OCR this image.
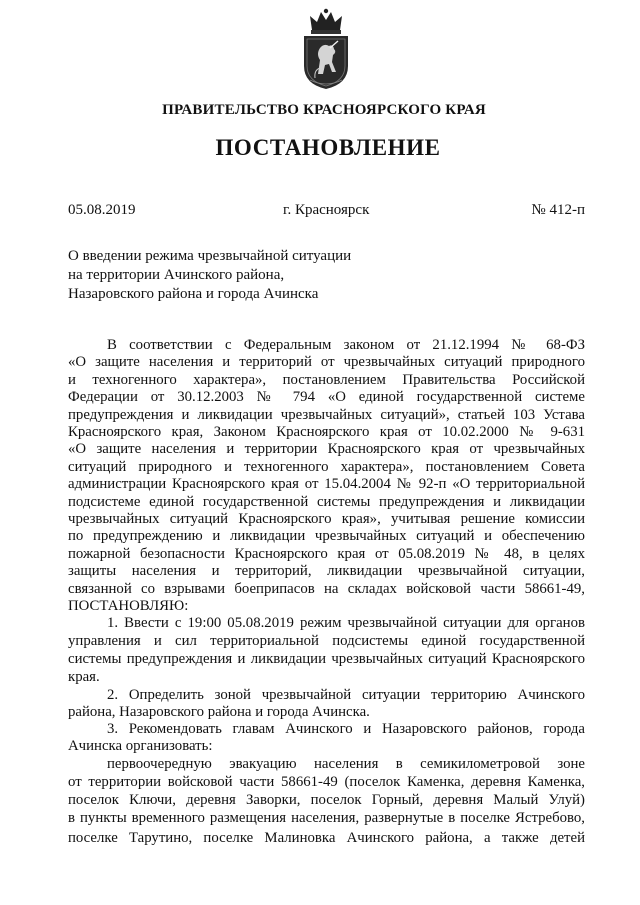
ПРАВИТЕЛЬСТВО КРАСНОЯРСКОГО КРАЯ
ПОСТАНОВЛЕНИЕ
05.08.2019	г. Красноярск	№ 412-п
О введении режима чрезвычайной ситуации
на территории Ачинского района,
Назаровского района и города Ачинска
В соответствии с Федеральным законом от 21.12.1994 № 68-ФЗ
«О защите населения и территорий от чрезвычайных ситуаций природного
и техногенного характера», постановлением Правительства Российской
Федерации от 30.12.2003 № 794 «О единой государственной системе
предупреждения и ликвидации чрезвычайных ситуаций», статьей 103 Устава
Красноярского края, Законом Красноярского края от 10.02.2000 № 9-631
«О защите населения и территории Красноярского края от чрезвычайных
ситуаций природного и техногенного характера», постановлением Совета
администрации Красноярского края от 15.04.2004 № 92-п «О территориальной
подсистеме единой государственной системы предупреждения и ликвидации
чрезвычайных ситуаций Красноярского края», учитывая решение комиссии
по предупреждению и ликвидации чрезвычайных ситуаций и обеспечению
пожарной безопасности Красноярского края от 05.08.2019 № 48, в целях
защиты населения и территорий, ликвидации чрезвычайной ситуации,
связанной со взрывами боеприпасов на складах войсковой части 58661-49,
ПОСТАНОВЛЯЮ:
1. Ввести с 19:00 05.08.2019 режим чрезвычайной ситуации для органов
управления и сил территориальной подсистемы единой государственной
системы предупреждения и ликвидации чрезвычайных ситуаций Красноярского
края.
2. Определить зоной чрезвычайной ситуации территорию Ачинского
района, Назаровского района и города Ачинска.
3. Рекомендовать главам Ачинского и Назаровского районов, города
Ачинска организовать:
первоочередную эвакуацию населения в семикилометровой зоне
от территории войсковой части 58661-49 (поселок Каменка, деревня Каменка,
поселок Ключи, деревня Заворки, поселок Горный, деревня Малый Улуй)
в пункты временного размещения населения, развернутые в поселке Ястребово,
поселке Тарутино, поселке Малиновка Ачинского района, а также детей
